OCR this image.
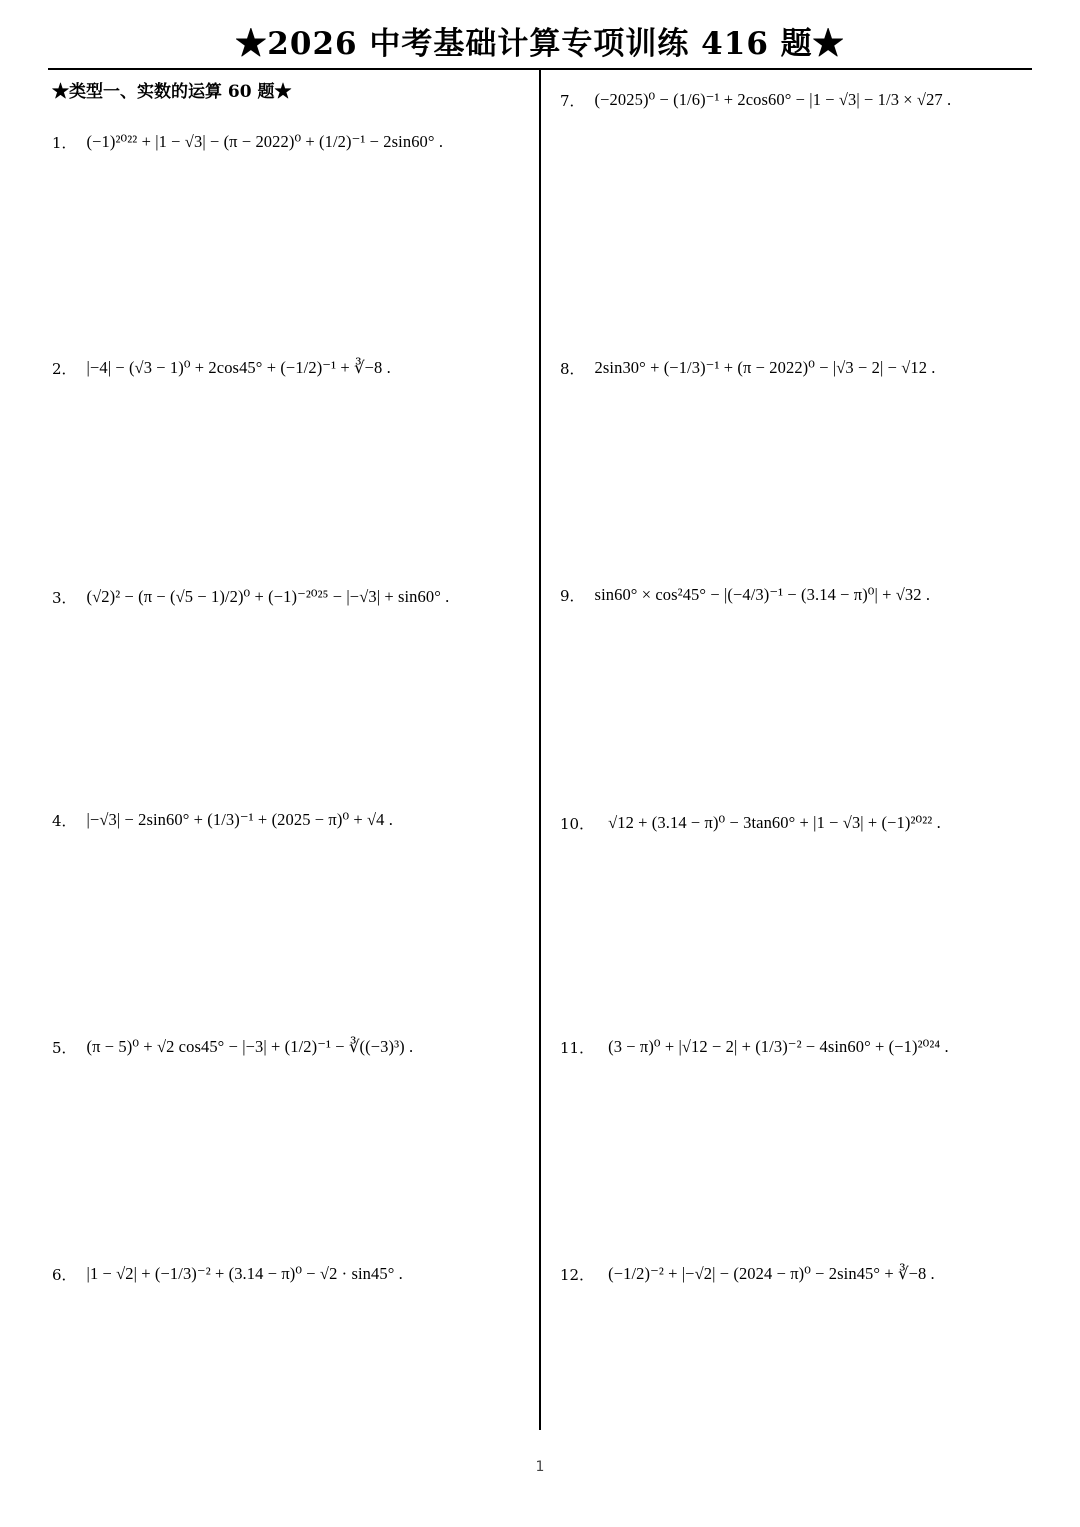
★2026 中考基础计算专项训练 416 题★
★类型一、实数的运算 60 题★
1． (−1)²⁰²² + |1 − √3| − (π − 2022)⁰ + (1/2)⁻¹ − 2sin60° .
2． |−4| − (√3 − 1)⁰ + 2cos45° + (−1/2)⁻¹ + ∛−8 .
3． (√2)² − (π − (√5 − 1)/2)⁰ + (−1)⁻²⁰²⁵ − |−√3| + sin60° .
4． |−√3| − 2sin60° + (1/3)⁻¹ + (2025 − π)⁰ + √4 .
5． (π − 5)⁰ + √2 cos45° − |−3| + (1/2)⁻¹ − ∛((−3)³) .
6． |1 − √2| + (−1/3)⁻² + (3.14 − π)⁰ − √2 · sin45° .
7． (−2025)⁰ − (1/6)⁻¹ + 2cos60° − |1 − √3| − 1/3 × √27 .
8． 2sin30° + (−1/3)⁻¹ + (π − 2022)⁰ − |√3 − 2| − √12 .
9． sin60° × cos²45° − |(−4/3)⁻¹ − (3.14 − π)⁰| + √32 .
10． √12 + (3.14 − π)⁰ − 3tan60° + |1 − √3| + (−1)²⁰²² .
11． (3 − π)⁰ + |√12 − 2| + (1/3)⁻² − 4sin60° + (−1)²⁰²⁴ .
12． (−1/2)⁻² + |−√2| − (2024 − π)⁰ − 2sin45° + ∛−8 .
1
